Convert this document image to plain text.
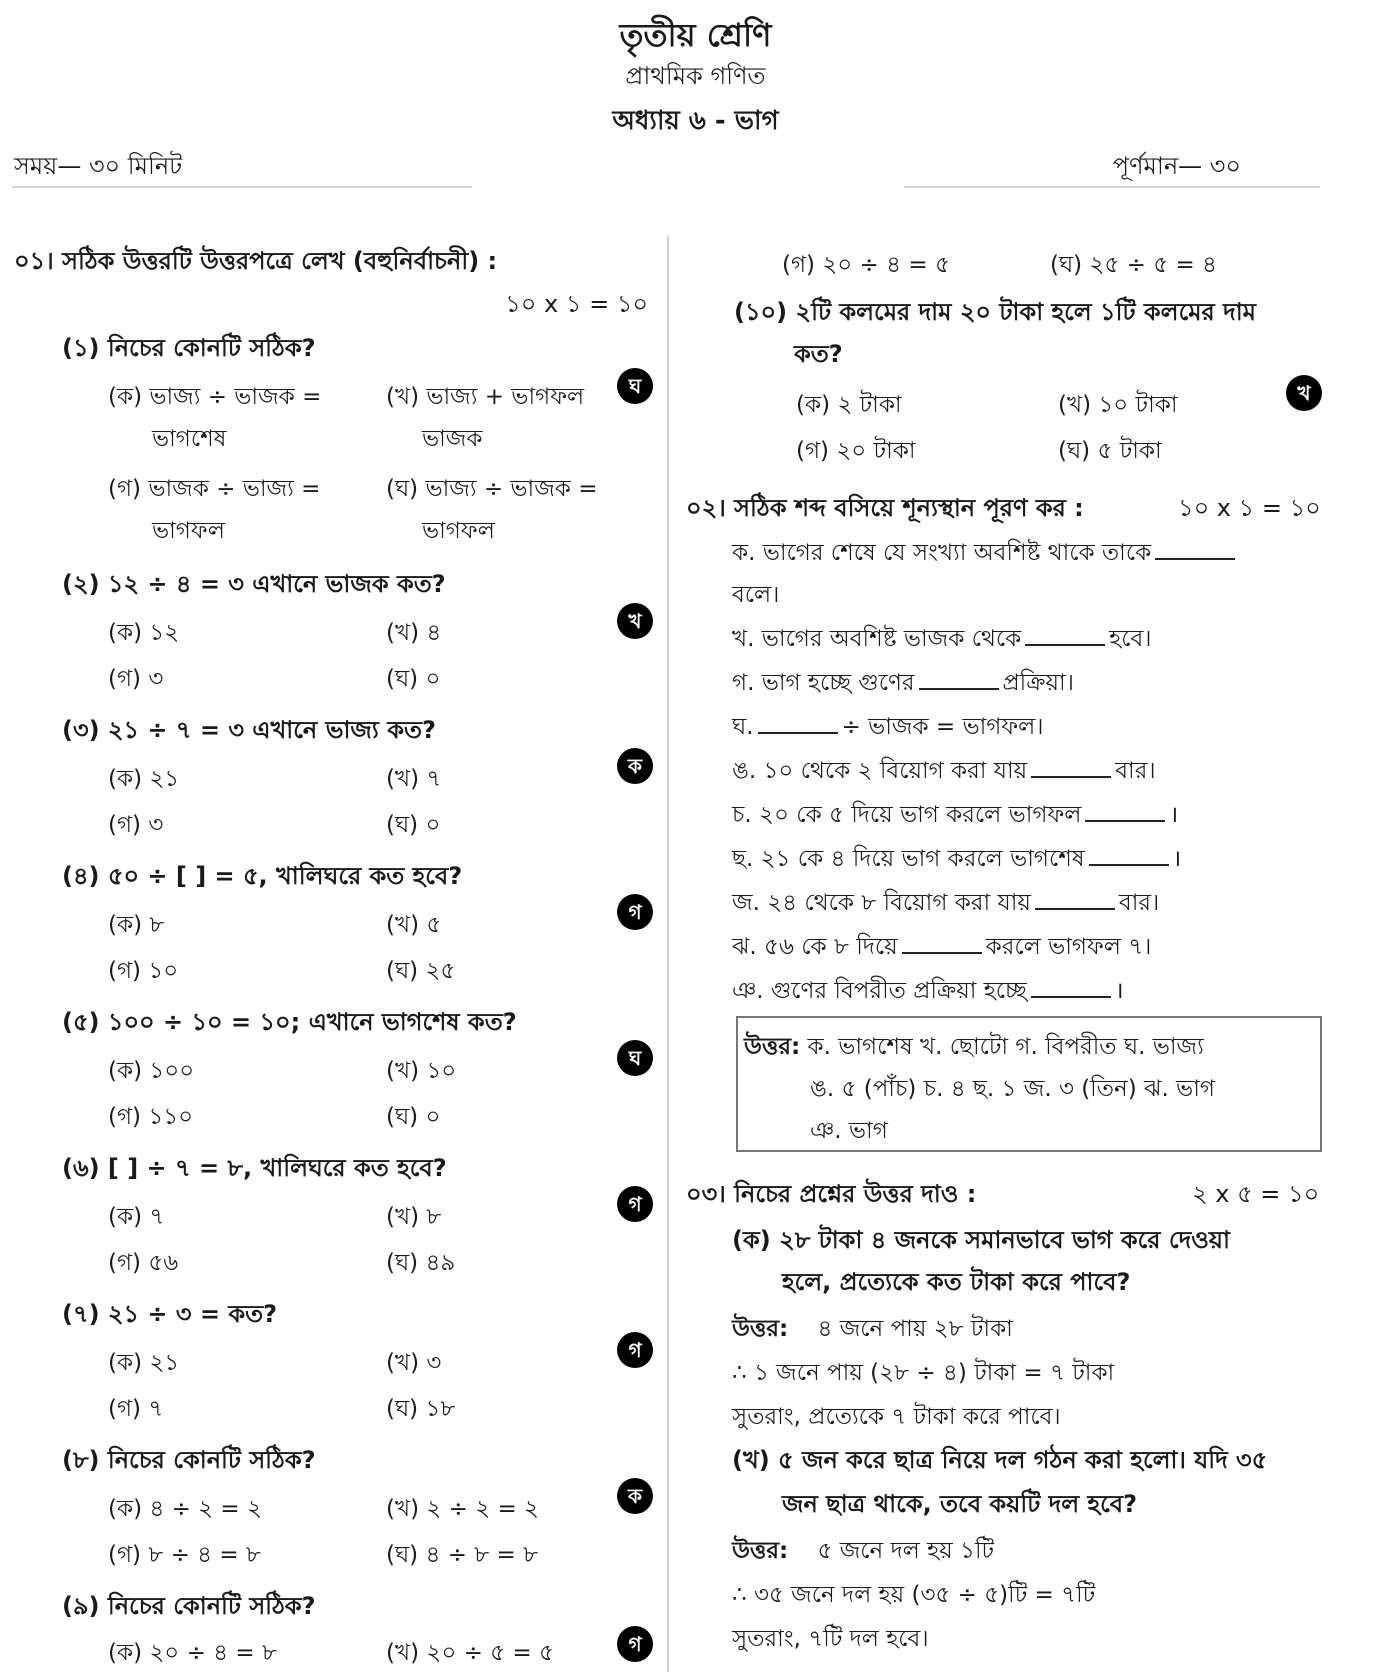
তৃতীয় শ্রেণি
প্রাথমিক গণিত
অধ্যায় ৬ - ভাগ
সময়— ৩০ মিনিট	পূর্ণমান— ৩০
০১। সঠিক উত্তরটি উত্তরপত্রে লেখ (বহুনির্বাচনী) :
১০ x ১ = ১০
(১) নিচের কোনটি সঠিক?
(ক) ভাজ্য ÷ ভাজক =
ভাগশেষ
(খ) ভাজ্য + ভাগফল
ভাজক
(গ) ভাজক ÷ ভাজ্য =
ভাগফল
(ঘ) ভাজ্য ÷ ভাজক =
ভাগফল
ঘ
(২) ১২ ÷ ৪ = ৩ এখানে ভাজক কত?
(ক) ১২	(খ) ৪
(গ) ৩	(ঘ) ০
খ
(৩) ২১ ÷ ৭ = ৩ এখানে ভাজ্য কত?
(ক) ২১	(খ) ৭
(গ) ৩	(ঘ) ০
ক
(৪) ৫০ ÷ [ ] = ৫, খালিঘরে কত হবে?
(ক) ৮	(খ) ৫
(গ) ১০	(ঘ) ২৫
গ
(৫) ১০০ ÷ ১০ = ১০; এখানে ভাগশেষ কত?
(ক) ১০০	(খ) ১০
(গ) ১১০	(ঘ) ০
ঘ
(৬) [ ] ÷ ৭ = ৮, খালিঘরে কত হবে?
(ক) ৭	(খ) ৮
(গ) ৫৬	(ঘ) ৪৯
গ
(৭) ২১ ÷ ৩ = কত?
(ক) ২১	(খ) ৩
(গ) ৭	(ঘ) ১৮
গ
(৮) নিচের কোনটি সঠিক?
(ক) ৪ ÷ ২ = ২	(খ) ২ ÷ ২ = ২
(গ) ৮ ÷ ৪ = ৮	(ঘ) ৪ ÷ ৮ = ৮
ক
(৯) নিচের কোনটি সঠিক?
(ক) ২০ ÷ ৪ = ৮	(খ) ২০ ÷ ৫ = ৫	গ
(গ) ২০ ÷ ৪ = ৫	(ঘ) ২৫ ÷ ৫ = ৪
(১০) ২টি কলমের দাম ২০ টাকা হলে ১টি কলমের দাম
কত?
(ক) ২ টাকা	(খ) ১০ টাকা
(গ) ২০ টাকা	(ঘ) ৫ টাকা
খ
০২। সঠিক শব্দ বসিয়ে শূন্যস্থান পূরণ কর :	১০ x ১ = ১০
ক. ভাগের শেষে যে সংখ্যা অবশিষ্ট থাকে তাকে
বলে।
খ. ভাগের অবশিষ্ট ভাজক থেকে	হবে।
গ. ভাগ হচ্ছে গুণের	প্রক্রিয়া।
ঘ.	÷ ভাজক = ভাগফল।
ঙ. ১০ থেকে ২ বিয়োগ করা যায়	বার।
চ. ২০ কে ৫ দিয়ে ভাগ করলে ভাগফল	।
ছ. ২১ কে ৪ দিয়ে ভাগ করলে ভাগশেষ	।
জ. ২৪ থেকে ৮ বিয়োগ করা যায়	বার।
ঝ. ৫৬ কে ৮ দিয়ে	করলে ভাগফল ৭।
ঞ. গুণের বিপরীত প্রক্রিয়া হচ্ছে	।
উত্তর: ক. ভাগশেষ খ. ছোটো গ. বিপরীত ঘ. ভাজ্য
ঙ. ৫ (পাঁচ) চ. ৪ ছ. ১ জ. ৩ (তিন) ঝ. ভাগ
ঞ. ভাগ
০৩। নিচের প্রশ্নের উত্তর দাও :	২ x ৫ = ১০
(ক) ২৮ টাকা ৪ জনকে সমানভাবে ভাগ করে দেওয়া
হলে, প্রত্যেকে কত টাকা করে পাবে?
উত্তর: ৪ জনে পায় ২৮ টাকা
∴ ১ জনে পায় (২৮ ÷ ৪) টাকা = ৭ টাকা
সুতরাং, প্রত্যেকে ৭ টাকা করে পাবে।
(খ) ৫ জন করে ছাত্র নিয়ে দল গঠন করা হলো। যদি ৩৫
জন ছাত্র থাকে, তবে কয়টি দল হবে?
উত্তর: ৫ জনে দল হয় ১টি
∴ ৩৫ জনে দল হয় (৩৫ ÷ ৫)টি = ৭টি
সুতরাং, ৭টি দল হবে।
